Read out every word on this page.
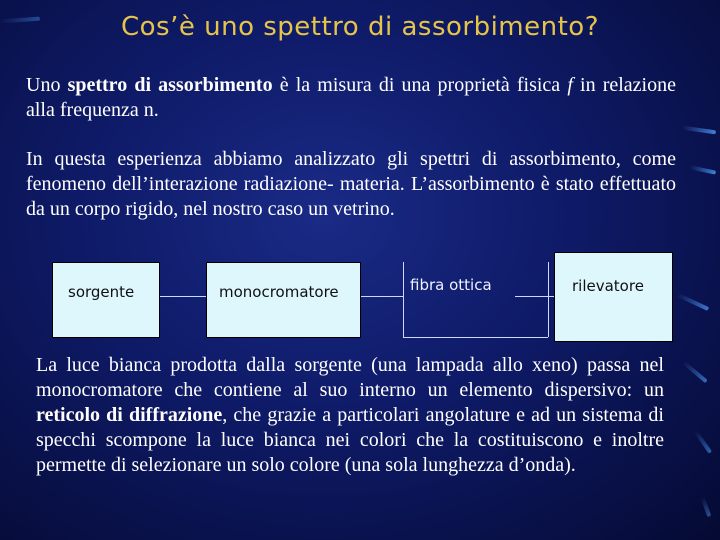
Cos’è uno spettro di assorbimento?
Uno spettro di assorbimento è la misura di una proprietà fisica f in relazione alla frequenza n.
In questa esperienza abbiamo analizzato gli spettri di assorbimento, come fenomeno dell’interazione radiazione- materia. L’assorbimento è stato effettuato da un corpo rigido, nel nostro caso un vetrino.
sorgente	monocromatore	fibra ottica	rilevatore
La luce bianca prodotta dalla sorgente (una lampada allo xeno) passa nel monocromatore che contiene al suo interno un elemento dispersivo: un reticolo di diffrazione, che grazie a particolari angolature e ad un sistema di specchi scompone la luce bianca nei colori che la costituiscono e inoltre permette di selezionare un solo colore (una sola lunghezza d’onda).
